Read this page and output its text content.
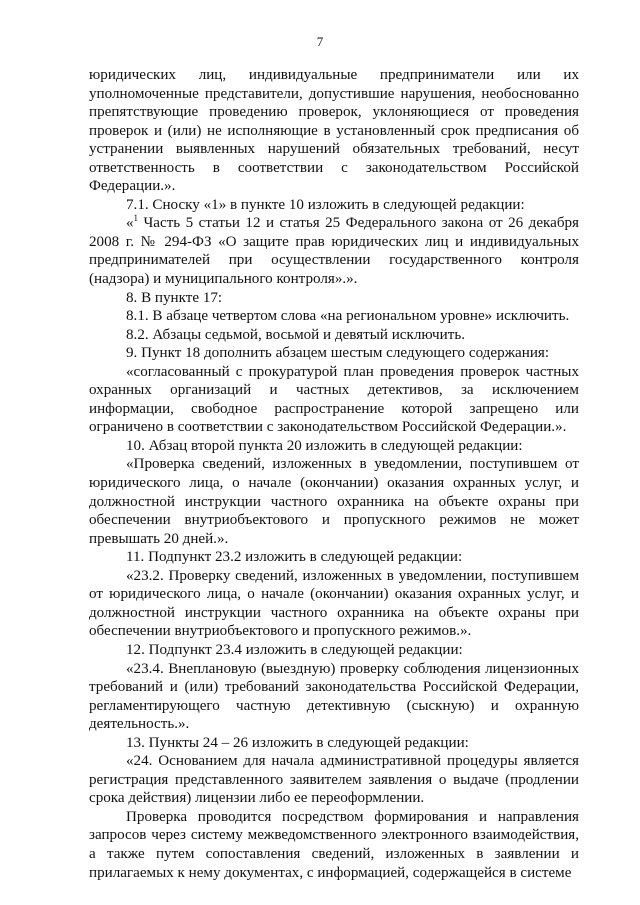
7

юридических лиц, индивидуальные предприниматели или их уполномоченные представители, допустившие нарушения, необоснованно препятствующие проведению проверок, уклоняющиеся от проведения проверок и (или) не исполняющие в установленный срок предписания об устранении выявленных нарушений обязательных требований, несут ответственность в соответствии с законодательством Российской Федерации.».

7.1. Сноску «1» в пункте 10 изложить в следующей редакции:

«$^1$ Часть 5 статьи 12 и статья 25 Федерального закона от 26 декабря 2008 г. № 294-ФЗ «О защите прав юридических лиц и индивидуальных предпринимателей при осуществлении государственного контроля (надзора) и муниципального контроля».».

8. В пункте 17:

8.1. В абзаце четвертом слова «на региональном уровне» исключить.

8.2. Абзацы седьмой, восьмой и девятый исключить.

9. Пункт 18 дополнить абзацем шестым следующего содержания:

«согласованный с прокуратурой план проведения проверок частных охранных организаций и частных детективов, за исключением информации, свободное распространение которой запрещено или ограничено в соответствии с законодательством Российской Федерации.».

10. Абзац второй пункта 20 изложить в следующей редакции:

«Проверка сведений, изложенных в уведомлении, поступившем от юридического лица, о начале (окончании) оказания охранных услуг, и должностной инструкции частного охранника на объекте охраны при обеспечении внутриобъектового и пропускного режимов не может превышать 20 дней.».

11. Подпункт 23.2 изложить в следующей редакции:

«23.2. Проверку сведений, изложенных в уведомлении, поступившем от юридического лица, о начале (окончании) оказания охранных услуг, и должностной инструкции частного охранника на объекте охраны при обеспечении внутриобъектового и пропускного режимов.».

12. Подпункт 23.4 изложить в следующей редакции:

«23.4. Внеплановую (выездную) проверку соблюдения лицензионных требований и (или) требований законодательства Российской Федерации, регламентирующего частную детективную (сыскную) и охранную деятельность.».

13. Пункты 24 – 26 изложить в следующей редакции:

«24. Основанием для начала административной процедуры является регистрация представленного заявителем заявления о выдаче (продлении срока действия) лицензии либо ее переоформлении.

Проверка проводится посредством формирования и направления запросов через систему межведомственного электронного взаимодействия, а также путем сопоставления сведений, изложенных в заявлении и прилагаемых к нему документах, с информацией, содержащейся в системе
